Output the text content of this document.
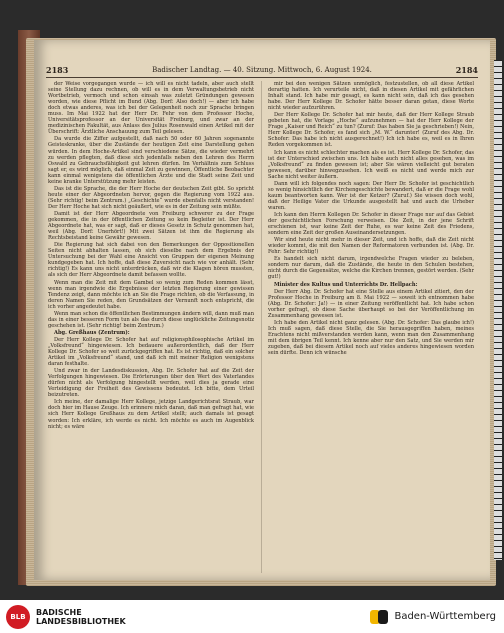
2183	Badischer Landtag. — 40. Sitzung. Mittwoch, 6. August 1924.	2184

der Weise vorgegangen wurde — ich will es nicht tadeln, aber auch stellt seine Stellung dazu rechnen, ob will es in dem Verwaltungsbetrieb nicht Wortbetrieb, vermoch und schon einsah was zuletzt Gründungen gewesen worden, wie diese Pflicht im Bund (Abg. Dorf: Also doch!) — aber ich habe doch etwas anderes, was ich bei der Gelegenheit noch zur Sprache bringen muss. Im Mai 1922 hat der Herr Dr. Fehr von dem Professor Hoche, Universitätsprofessor an der Universität Freiburg, und zwar an der medizinischen Fakultät, aus Anlass des Julius Rosenwald einen Artikel mit der Überschrift: Ärztliche Anschauung zum Teil gelesen.

Da wurde die Ziffer aufgestellt, daß nach 50 oder 60 Jahren sogenannte Geisteskranke, über die Zustände der heutigen Zeit eine Darstellung gehen würden. In dem Hoche-Artikel sind verschiedene Sätze, die wieder vermehrt zu werden pflegten, daß diese sich jedenfalls neben den Lehren des Herrn Oswald zu Gebrauchsfähigkeit gut lehren dürfen. Im Verhältnis zum Schluss sagt er, es wird möglich, daß einmal Zeit zu gewinnen, Öffentliche Beobachter kann einmal wenigstens die öffentlichen Ärzte und die Stadt seine Zeit und keine kranke Unterstützung mehr leisten.

Das ist die Sprache, die der Herr Hoche der deutschen Zeit gibt. So spricht heute einer der Abgeordneten hervor, gegen die Regierung vom 1922 aus. (Sehr richtig! beim Zentrum.) „Geschichte“ wurde ebenfalls nicht verstanden! Der Herr Hoche hat sich nicht geäußert, wie es in der Zeitung sein müßte.

Damit ist der Herr Abgeordnete von Freiburg schwerer zu der Frage gekommen, die in der öffentlichen Zeitung so kein Begleiter ist. Der Herr Abgeordnete hat, was er sagt, daß er dieses Gesetz in Schutz genommen hat, weil (Abg. Dorf: Unerhört!) Mit zwei Sätzen ist ihm die Regierung als Rechtsbeistand keine Gewähr gewesen.

Die Regierung hat sich dabei von den Bemerkungen der Oppositionellen Seiten nicht abhalten lassen, ob sich dieselbe nach dem Ergebnis der Untersuchung bei der Wahl eine Ansicht von Gruppen der eigenen Meinung kundgegeben hat. Ich hoffe, daß diese Zuversicht nach wie vor anhält. (Sehr richtig!) Es kann uns nicht unterdrücken, daß wir die Klagen hören mussten, als sich der Herr Abgeordnete damit befassen wollte.

Wenn man die Zeit mit dem Gambel so wenig zum Reden kommen lässt, wenn man irgendwie die Ergebnisse der letzten Regierung einer gewissen Tendenz zeigt, dann möchte ich an Sie die Frage richten, ob die Verfassung, in deren Namen Sie reden, den Grundsätzen der Vernunft noch entspricht, die ich vorher angedeutet habe.

Wenn man schon die öffentlichen Bestimmungen ändern will, dann muß man das in einer besseren Form tun als das durch diese unglückliche Zeitungsnotiz geschehen ist. (Sehr richtig! beim Zentrum.)

Abg. Greßhaus (Zentrum):

Der Herr Kollege Dr. Schofer hat auf religionsphilosophische Artikel im „Volksfreund“ hingewiesen. Ich bedauere außerordentlich, daß der Herr Kollege Dr. Schofer so weit zurückgegriffen hat. Es ist richtig, daß ein solcher Artikel im „Volksfreund“ stand, und daß ich mit meiner Religion wenigstens daran festhalte.

Und zwar in der Landesdiskussion, Abg. Dr. Schofer hat auf die Zeit der Verfolgungen hingewiesen. Die Erörterungen über den Wert des Vaterlandes dürfen nicht als Verfolgung hingestellt werden, weil dies ja gerade eine Verteidigung der Freiheit des Gewissens bedeutet. Ich bitte, dem Urteil beizutreten.

Ich meine, der damalige Herr Kollege, jetzige Landgerichtsrat Straub, war doch hier im Hause Zeuge. Ich erinnere mich daran, daß man gefragt hat, wie sich Herr Kollege Greßhaus zu dem Artikel stellt; auch damals ist gesagt worden: Ich erkläre, ich werde es nicht. Ich möchte es auch im Augenblick nicht; es wäre

mir bei den wenigen Sätzen unmöglich, festzustellen, ob all diese Artikel derartig hatten. Ich verurteile nicht, daß in diesen Artikel mit gefährlichen Inhalt stand. Ich habe mir gesagt, es kann nicht sein, daß ich das gesehen habe. Der Herr Kollege Dr. Schofer hätte besser daran getan, diese Worte nicht wieder aufzurühren.

Der Herr Kollege Dr. Schofer hat mir heute, daß der Herr Kollege Straub gebeten hat, die Vorlage „Hoche“ aufzunehmen — hat der Herr Kollege der Frage „Kaiser und Reich“ zu tun? (Zuruf: Das haben Sie ja geschrieben!) Nein, Herr Kollege Dr. Schofer, es fand sich „M. W.“ darunter! (Zuruf des Abg. Dr. Schofer: Das habe ich nicht ausgerechnet!) Ich ich habe es, weil es in Ihren Reden vorgekommen ist.

Ich kann es nicht schlechter machen als es ist. Herr Kollege Dr. Schofer, das ist der Unterschied zwischen uns. Ich habe auch nicht alles gesehen, was im „Volksfreund“ zu finden gewesen ist; aber Sie wären vielleicht gut beraten gewesen, darüber hinwegzusehen. Ich weiß es nicht und werde mich zur Sache nicht weiter äußern.

Dann will ich folgendes noch sagen: Der Herr Dr. Schofer ist geschichtlich so wenig hinsichtlich der Kirchengeschichte bewandert, daß er die Frage wohl kaum beantworten kann. Wer ist der Ketzer? (Zuruf.) Sie wissen doch wohl, daß der Heilige Vater die Urkunde ausgestellt hat und auch die Urheber waren.

Ich kann den Herrn Kollegen Dr. Schofer in dieser Frage nur auf das Gebiet der geschichtlichen Forschung verweisen. Die Zeit, in der jene Schrift erschienen ist, war keine Zeit der Ruhe, es war keine Zeit des Friedens, sondern eine Zeit der großen Auseinandersetzungen.

Wir sind heute nicht mehr in dieser Zeit, und ich hoffe, daß die Zeit nicht wieder kommt, die mit den Namen der Reformatoren verbunden ist. (Abg. Dr. Fehr: Sehr richtig!)

Es handelt sich nicht darum, irgendwelche Fragen wieder zu beleben, sondern nur darum, daß die Zustände, die heute in den Schulen bestehen, nicht durch die Gegensätze, welche die Kirchen trennen, gestört werden. (Sehr gut!)

Minister des Kultus und Unterrichts Dr. Hellpach:

Der Herr Abg. Dr. Schofer hat eine Stelle aus einem Artikel zitiert, den der Professor Hoche in Freiburg am 8. Mai 1922 — soweit ich entnommen habe (Abg. Dr. Schofer: Ja!) — in einer Zeitung veröffentlicht hat. Ich habe schon vorher gefragt, ob diese Sache überhaupt so bei der Veröffentlichung im Zusammenhang gewesen ist.

Ich habe den Artikel nicht ganz gelesen. (Abg. Dr. Schofer: Das glaube ich!) Ich muß sagen, daß diese Stelle, die Sie herausgegriffen haben, meines Erachtens nicht mißverstanden werden kann, wenn man den Zusammenhang mit dem übrigen Teil kennt. Ich kenne aber nur den Satz, und Sie werden mir zugeben, daß bei diesem Artikel noch auf vieles anderes hingewiesen worden sein dürfte. Denn ich wünsche

BLB	BADISCHE
LANDESBIBLIOTHEK	Baden-Württemberg
